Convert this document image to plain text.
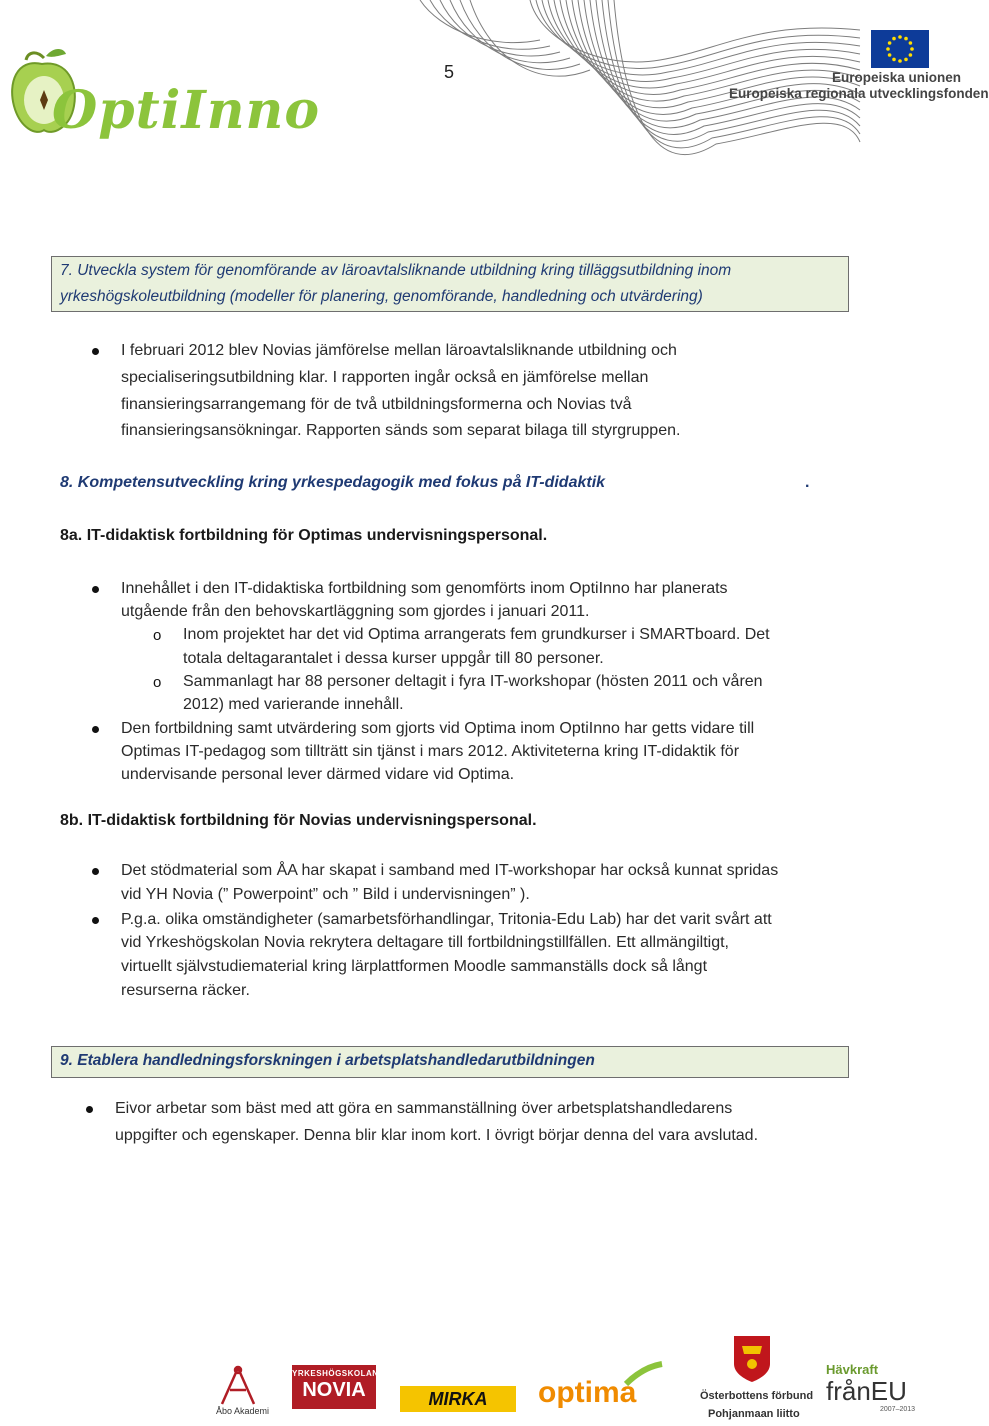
OptiInno
5	Europeiska unionen
Europeiska regionala utvecklingsfonden
7. Utveckla system för genomförande av läroavtalsliknande utbildning kring tilläggsutbildning inom
yrkeshögskoleutbildning (modeller för planering, genomförande, handledning och utvärdering)
I februari 2012 blev Novias jämförelse mellan läroavtalsliknande utbildning och
specialiseringsutbildning klar. I rapporten ingår också en jämförelse mellan
finansieringsarrangemang för de två utbildningsformerna och Novias två
finansieringsansökningar. Rapporten sänds som separat bilaga till styrgruppen.
8. Kompetensutveckling kring yrkespedagogik med fokus på IT-didaktik	.
8a. IT-didaktisk fortbildning för Optimas undervisningspersonal.
Innehållet i den IT-didaktiska fortbildning som genomförts inom OptiInno har planerats
utgående från den behovskartläggning som gjordes i januari 2011.
o Inom projektet har det vid Optima arrangerats fem grundkurser i SMARTboard. Det
totala deltagarantalet i dessa kurser uppgår till 80 personer.
o Sammanlagt har 88 personer deltagit i fyra IT-workshopar (hösten 2011 och våren
2012) med varierande innehåll.
Den fortbildning samt utvärdering som gjorts vid Optima inom OptiInno har getts vidare till
Optimas IT-pedagog som tillträtt sin tjänst i mars 2012. Aktiviteterna kring IT-didaktik för
undervisande personal lever därmed vidare vid Optima.
8b. IT-didaktisk fortbildning för Novias undervisningspersonal.
Det stödmaterial som ÅA har skapat i samband med IT-workshopar har också kunnat spridas
vid YH Novia (” Powerpoint” och ” Bild i undervisningen” ).
P.g.a. olika omständigheter (samarbetsförhandlingar, Tritonia-Edu Lab) har det varit svårt att
vid Yrkeshögskolan Novia rekrytera deltagare till fortbildningstillfällen. Ett allmängiltigt,
virtuellt självstudiematerial kring lärplattformen Moodle sammanställs dock så långt
resurserna räcker.
9. Etablera handledningsforskningen i arbetsplatshandledarutbildningen
Eivor arbetar som bäst med att göra en sammanställning över arbetsplatshandledarens
uppgifter och egenskaper. Denna blir klar inom kort. I övrigt börjar denna del vara avslutad.
Åbo Akademi
YRKESHÖGSKOLAN
NOVIA	MIRKA	optima	Österbottens förbund
Pohjanmaan liitto
Hävkraft
frånEU
2007–2013
